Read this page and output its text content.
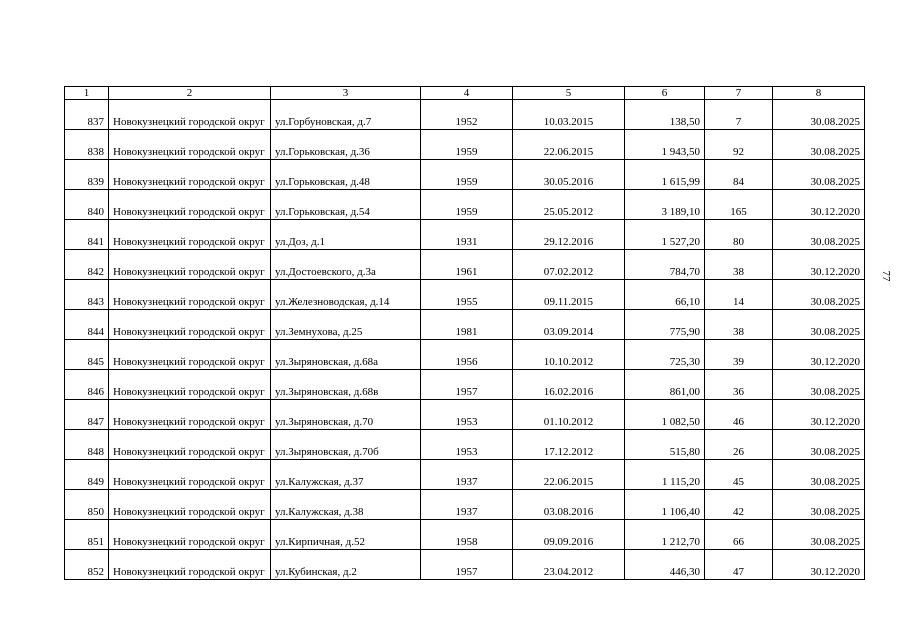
1	2	3	4	5	6	7	8
837	Новокузнецкий городской округ	ул.Горбуновская, д.7	1952	10.03.2015	138,50	7	30.08.2025
838	Новокузнецкий городской округ	ул.Горьковская, д.36	1959	22.06.2015	1 943,50	92	30.08.2025
839	Новокузнецкий городской округ	ул.Горьковская, д.48	1959	30.05.2016	1 615,99	84	30.08.2025
840	Новокузнецкий городской округ	ул.Горьковская, д.54	1959	25.05.2012	3 189,10	165	30.12.2020
841	Новокузнецкий городской округ	ул.Доз, д.1	1931	29.12.2016	1 527,20	80	30.08.2025
842	Новокузнецкий городской округ	ул.Достоевского, д.3а	1961	07.02.2012	784,70	38	30.12.2020
843	Новокузнецкий городской округ	ул.Железноводская, д.14	1955	09.11.2015	66,10	14	30.08.2025
844	Новокузнецкий городской округ	ул.Земнухова, д.25	1981	03.09.2014	775,90	38	30.08.2025
845	Новокузнецкий городской округ	ул.Зыряновская, д.68а	1956	10.10.2012	725,30	39	30.12.2020
846	Новокузнецкий городской округ	ул.Зыряновская, д.68в	1957	16.02.2016	861,00	36	30.08.2025
847	Новокузнецкий городской округ	ул.Зыряновская, д.70	1953	01.10.2012	1 082,50	46	30.12.2020
848	Новокузнецкий городской округ	ул.Зыряновская, д.70б	1953	17.12.2012	515,80	26	30.08.2025
849	Новокузнецкий городской округ	ул.Калужская, д.37	1937	22.06.2015	1 115,20	45	30.08.2025
850	Новокузнецкий городской округ	ул.Калужская, д.38	1937	03.08.2016	1 106,40	42	30.08.2025
851	Новокузнецкий городской округ	ул.Кирпичная, д.52	1958	09.09.2016	1 212,70	66	30.08.2025
852	Новокузнецкий городской округ	ул.Кубинская, д.2	1957	23.04.2012	446,30	47	30.12.2020
77
